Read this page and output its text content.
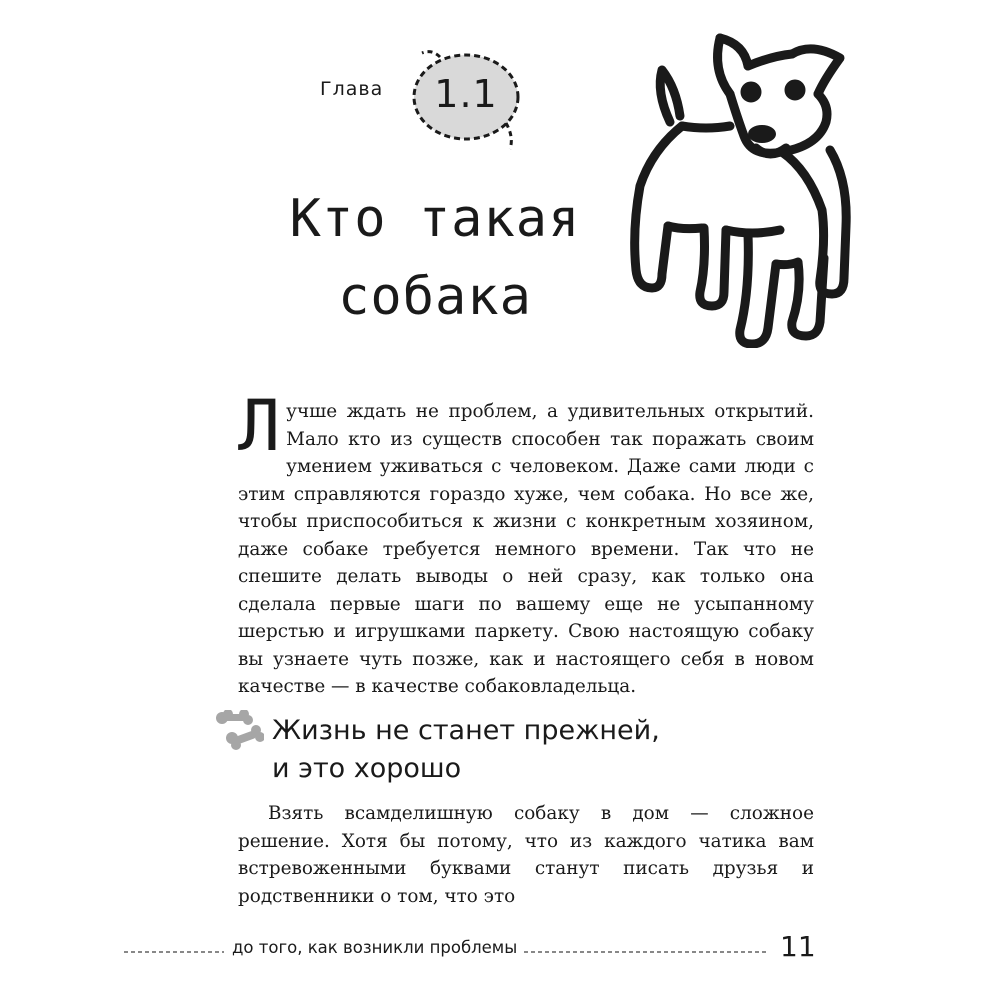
Глава	1.1
Кто такая
собака

Л учше ждать не проблем, а удивительных открытий. Мало кто из существ способен так поражать своим умением уживаться с человеком. Даже сами люди с этим справляются гораздо хуже, чем собака. Но все же, чтобы приспособиться к жизни с конкретным хозяином, даже собаке требуется немного времени. Так что не спешите делать выводы о ней сразу, как только она сделала первые шаги по вашему еще не усыпанному шерстью и игрушками паркету. Свою настоящую собаку вы узнаете чуть позже, как и настоящего себя в новом качестве — в качестве собаковладельца.

Жизнь не станет прежней,
и это хорошо

Взять всамделишную собаку в дом — сложное решение. Хотя бы потому, что из каждого чатика вам встревоженными буквами станут писать друзья и родственники о том, что это

до того, как возникли проблемы	11
